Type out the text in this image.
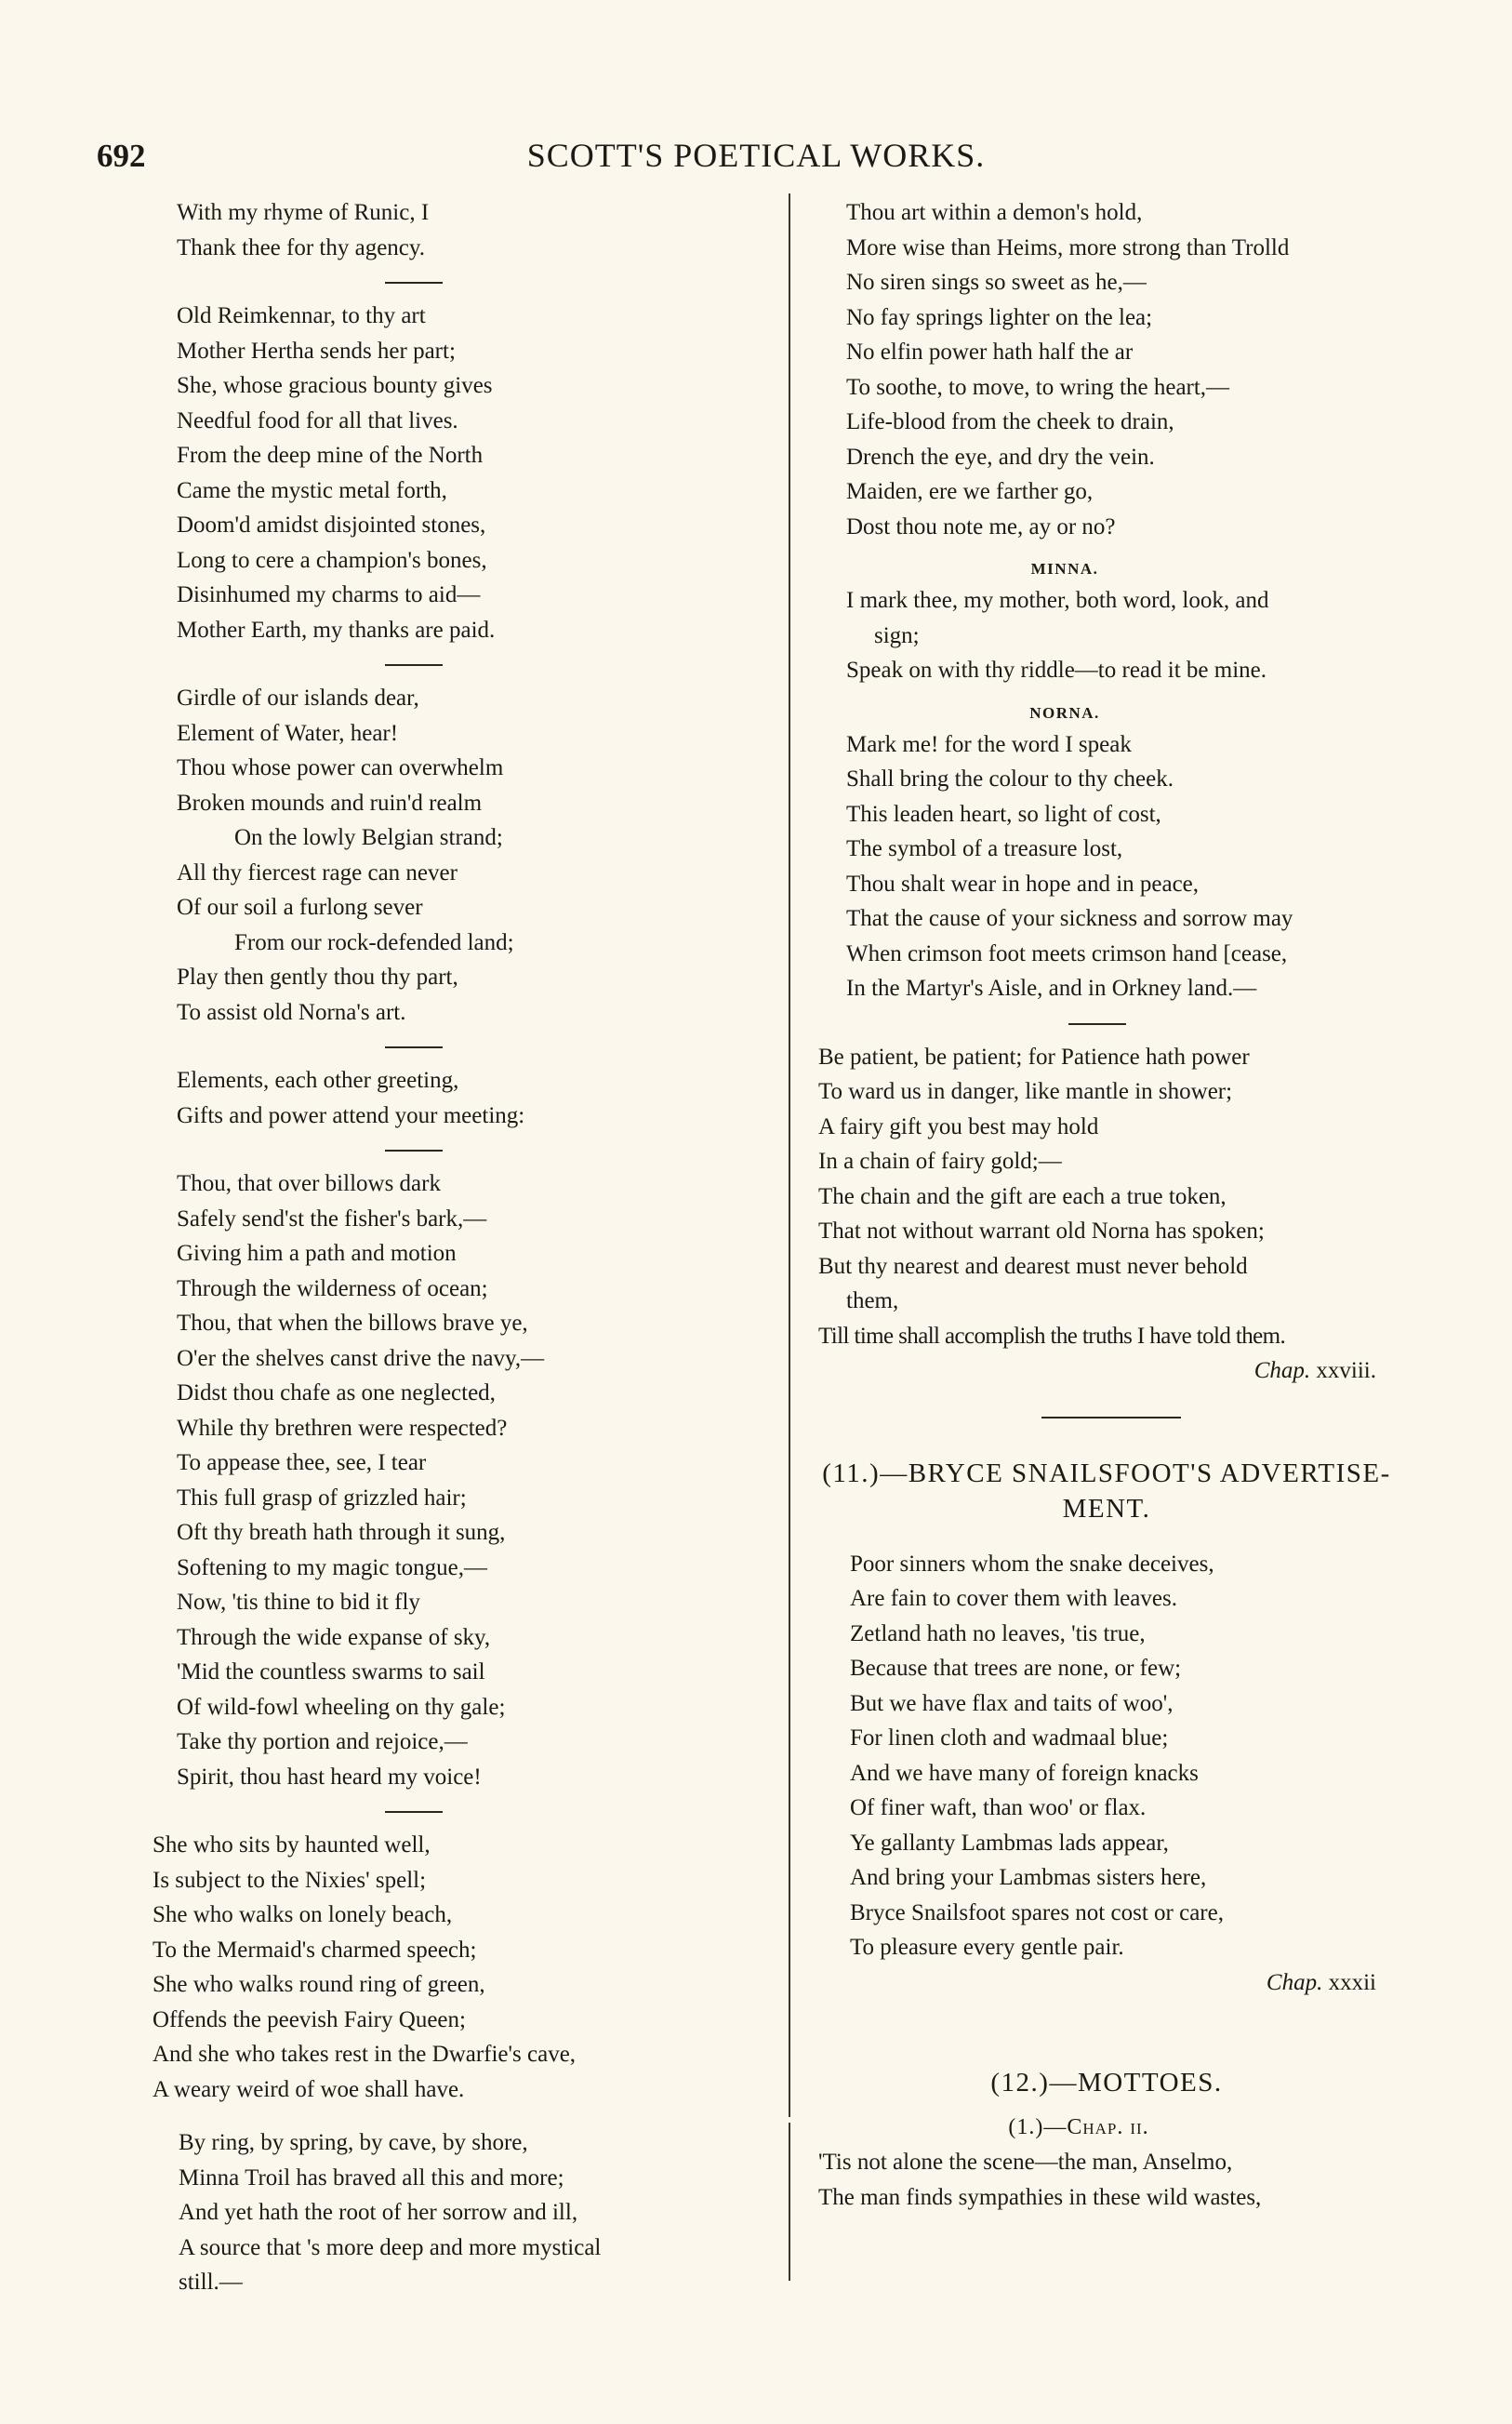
692	SCOTT'S POETICAL WORKS.
With my rhyme of Runic, I
Thank thee for thy agency.
Old Reimkennar, to thy art
Mother Hertha sends her part;
She, whose gracious bounty gives
Needful food for all that lives.
From the deep mine of the North
Came the mystic metal forth,
Doom'd amidst disjointed stones,
Long to cere a champion's bones,
Disinhumed my charms to aid—
Mother Earth, my thanks are paid.
Girdle of our islands dear,
Element of Water, hear!
Thou whose power can overwhelm
Broken mounds and ruin'd realm
On the lowly Belgian strand;
All thy fiercest rage can never
Of our soil a furlong sever
From our rock-defended land;
Play then gently thou thy part,
To assist old Norna's art.
Elements, each other greeting,
Gifts and power attend your meeting:
Thou, that over billows dark
Safely send'st the fisher's bark,—
Giving him a path and motion
Through the wilderness of ocean;
Thou, that when the billows brave ye,
O'er the shelves canst drive the navy,—
Didst thou chafe as one neglected,
While thy brethren were respected?
To appease thee, see, I tear
This full grasp of grizzled hair;
Oft thy breath hath through it sung,
Softening to my magic tongue,—
Now, 'tis thine to bid it fly
Through the wide expanse of sky,
'Mid the countless swarms to sail
Of wild-fowl wheeling on thy gale;
Take thy portion and rejoice,—
Spirit, thou hast heard my voice!
She who sits by haunted well,
Is subject to the Nixies' spell;
She who walks on lonely beach,
To the Mermaid's charmed speech;
She who walks round ring of green,
Offends the peevish Fairy Queen;
And she who takes rest in the Dwarfie's cave,
A weary weird of woe shall have.
By ring, by spring, by cave, by shore,
Minna Troil has braved all this and more;
And yet hath the root of her sorrow and ill,
A source that 's more deep and more mystical
still.—
Thou art within a demon's hold,
More wise than Heims, more strong than Trolld
No siren sings so sweet as he,—
No fay springs lighter on the lea;
No elfin power hath half the ar
To soothe, to move, to wring the heart,—
Life-blood from the cheek to drain,
Drench the eye, and dry the vein.
Maiden, ere we farther go,
Dost thou note me, ay or no?
MINNA.
I mark thee, my mother, both word, look, and
sign;
Speak on with thy riddle—to read it be mine.
NORNA.
Mark me! for the word I speak
Shall bring the colour to thy cheek.
This leaden heart, so light of cost,
The symbol of a treasure lost,
Thou shalt wear in hope and in peace,
That the cause of your sickness and sorrow may
When crimson foot meets crimson hand [cease,
In the Martyr's Aisle, and in Orkney land.—
Be patient, be patient; for Patience hath power
To ward us in danger, like mantle in shower;
A fairy gift you best may hold
In a chain of fairy gold;—
The chain and the gift are each a true token,
That not without warrant old Norna has spoken;
But thy nearest and dearest must never behold
them,
Till time shall accomplish the truths I have told them.
Chap. xxviii.
(11.)—BRYCE SNAILSFOOT'S ADVERTISE-
MENT.
Poor sinners whom the snake deceives,
Are fain to cover them with leaves.
Zetland hath no leaves, 'tis true,
Because that trees are none, or few;
But we have flax and taits of woo',
For linen cloth and wadmaal blue;
And we have many of foreign knacks
Of finer waft, than woo' or flax.
Ye gallanty Lambmas lads appear,
And bring your Lambmas sisters here,
Bryce Snailsfoot spares not cost or care,
To pleasure every gentle pair.
Chap. xxxii
(12.)—MOTTOES.
(1.)—Chap. ii.
'Tis not alone the scene—the man, Anselmo,
The man finds sympathies in these wild wastes,
